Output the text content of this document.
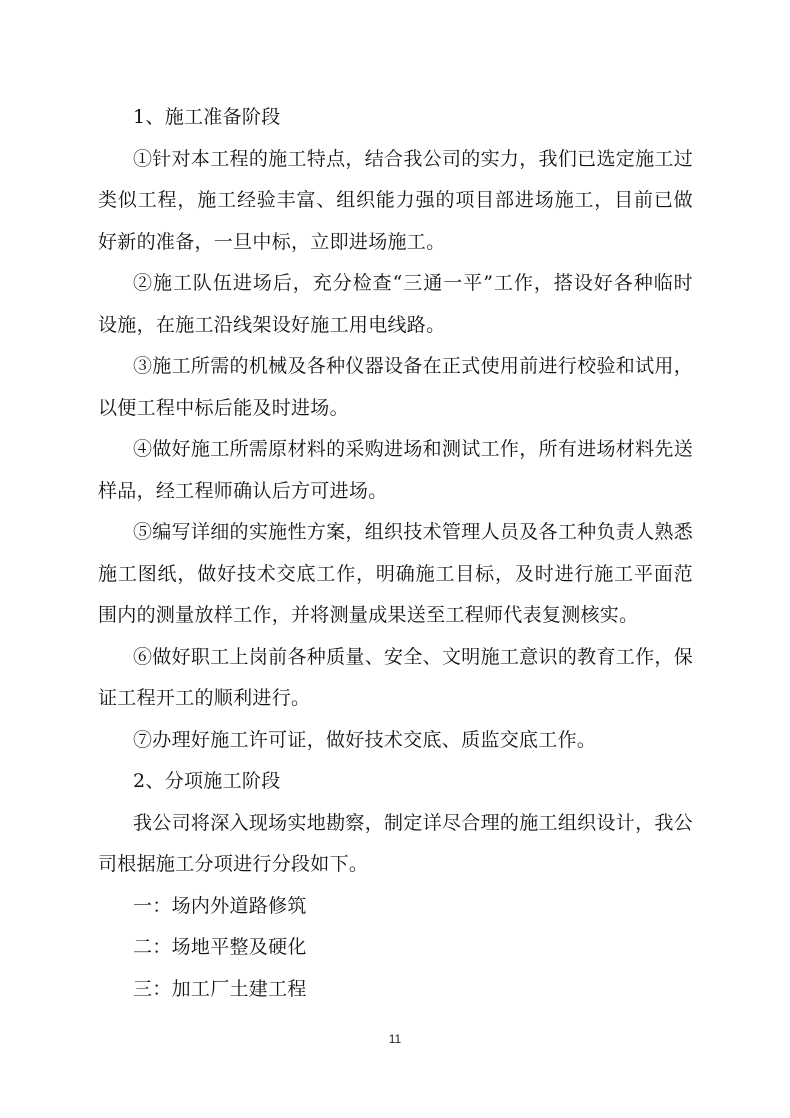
1、施工准备阶段

①针对本工程的施工特点，结合我公司的实力，我们已选定施工过类似工程，施工经验丰富、组织能力强的项目部进场施工，目前已做好新的准备，一旦中标，立即进场施工。

②施工队伍进场后，充分检查“三通一平”工作，搭设好各种临时设施，在施工沿线架设好施工用电线路。

③施工所需的机械及各种仪器设备在正式使用前进行校验和试用，以便工程中标后能及时进场。

④做好施工所需原材料的采购进场和测试工作，所有进场材料先送样品，经工程师确认后方可进场。

⑤编写详细的实施性方案，组织技术管理人员及各工种负责人熟悉施工图纸，做好技术交底工作，明确施工目标，及时进行施工平面范围内的测量放样工作，并将测量成果送至工程师代表复测核实。

⑥做好职工上岗前各种质量、安全、文明施工意识的教育工作，保证工程开工的顺利进行。

⑦办理好施工许可证，做好技术交底、质监交底工作。

2、分项施工阶段

我公司将深入现场实地勘察，制定详尽合理的施工组织设计，我公司根据施工分项进行分段如下。

一：场内外道路修筑

二：场地平整及硬化

三：加工厂土建工程

11
